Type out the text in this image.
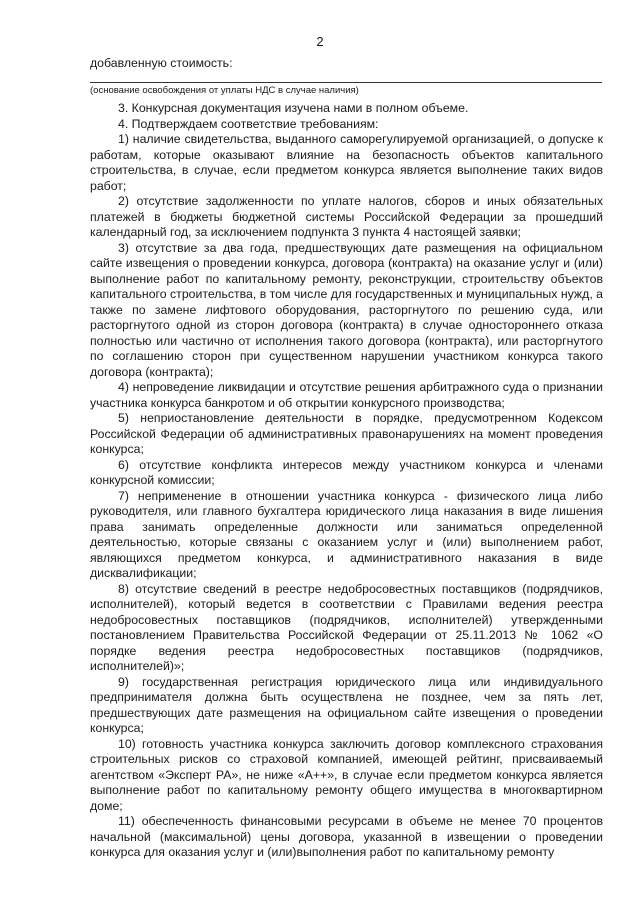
2
добавленную стоимость:
(основание освобождения от уплаты НДС в случае наличия)

3. Конкурсная документация изучена нами в полном объеме.

4. Подтверждаем соответствие требованиям:

1) наличие свидетельства, выданного саморегулируемой организацией, о допуске к работам, которые оказывают влияние на безопасность объектов капитального строительства, в случае, если предметом конкурса является выполнение таких видов работ;

2) отсутствие задолженности по уплате налогов, сборов и иных обязательных платежей в бюджеты бюджетной системы Российской Федерации за прошедший календарный год, за исключением подпункта 3 пункта 4 настоящей заявки;

3) отсутствие за два года, предшествующих дате размещения на официальном сайте извещения о проведении конкурса, договора (контракта) на оказание услуг и (или) выполнение работ по капитальному ремонту, реконструкции, строительству объектов капитального строительства, в том числе для государственных и муниципальных нужд, а также по замене лифтового оборудования, расторгнутого по решению суда, или расторгнутого одной из сторон договора (контракта) в случае одностороннего отказа полностью или частично от исполнения такого договора (контракта), или расторгнутого по соглашению сторон при существенном нарушении участником конкурса такого договора (контракта);

4) непроведение ликвидации и отсутствие решения арбитражного суда о признании участника конкурса банкротом и об открытии конкурсного производства;

5) неприостановление деятельности в порядке, предусмотренном Кодексом Российской Федерации об административных правонарушениях на момент проведения конкурса;

6) отсутствие конфликта интересов между участником конкурса и членами конкурсной комиссии;

7) неприменение в отношении участника конкурса - физического лица либо руководителя, или главного бухгалтера юридического лица наказания в виде лишения права занимать определенные должности или заниматься определенной деятельностью, которые связаны с оказанием услуг и (или) выполнением работ, являющихся предметом конкурса, и административного наказания в виде дисквалификации;

8) отсутствие сведений в реестре недобросовестных поставщиков (подрядчиков, исполнителей), который ведется в соответствии с Правилами ведения реестра недобросовестных поставщиков (подрядчиков, исполнителей) утвержденными постановлением Правительства Российской Федерации от 25.11.2013 № 1062 «О порядке ведения реестра недобросовестных поставщиков (подрядчиков, исполнителей)»;

9) государственная регистрация юридического лица или индивидуального предпринимателя должна быть осуществлена не позднее, чем за пять лет, предшествующих дате размещения на официальном сайте извещения о проведении конкурса;

10) готовность участника конкурса заключить договор комплексного страхования строительных рисков со страховой компанией, имеющей рейтинг, присваиваемый агентством «Эксперт РА», не ниже «А++», в случае если предметом конкурса является выполнение работ по капитальному ремонту общего имущества в многоквартирном доме;

11) обеспеченность финансовыми ресурсами в объеме не менее 70 процентов начальной (максимальной) цены договора, указанной в извещении о проведении конкурса для оказания услуг и (или)выполнения работ по капитальному ремонту
